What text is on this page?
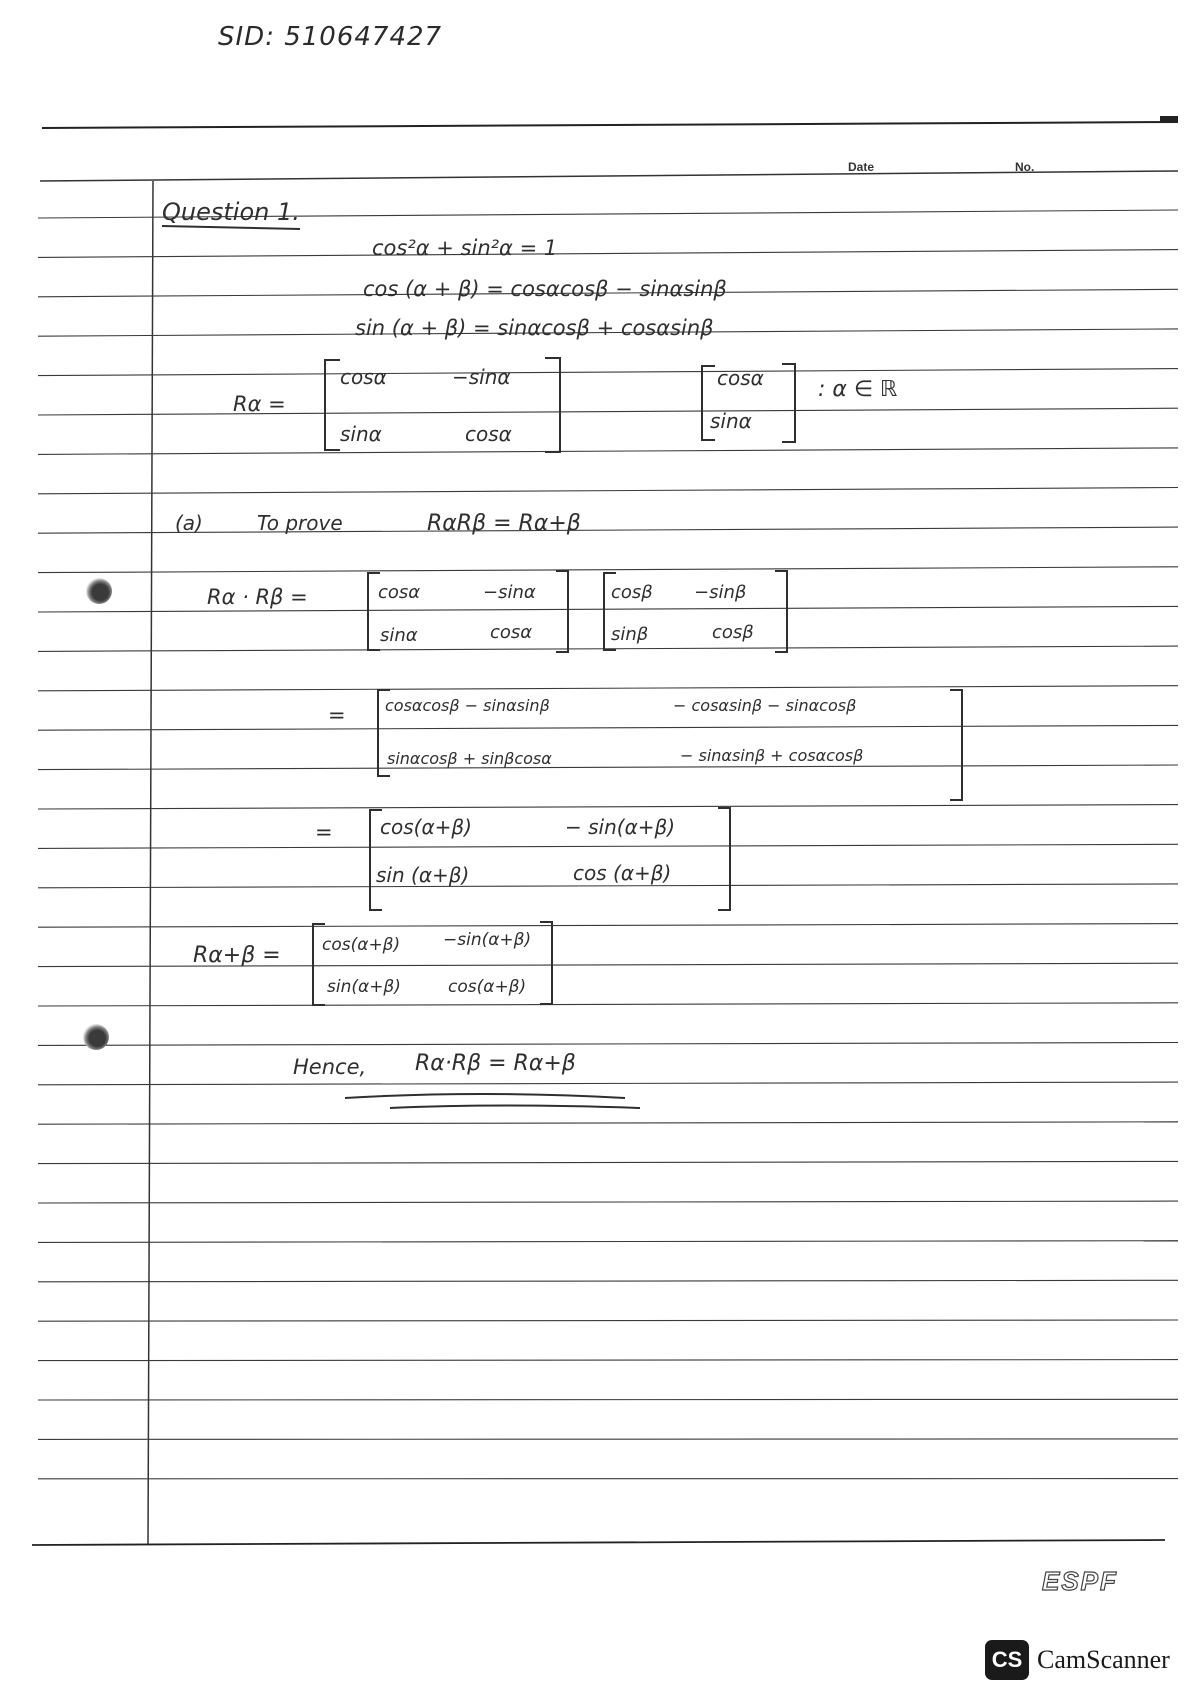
SID: 510647427
Date	No.
Question 1.
cos²α + sin²α = 1
cos (α + β) = cosαcosβ − sinαsinβ
sin (α + β) = sinαcosβ + cosαsinβ
Rα =
cosα	−sinα
sinα	cosα
cosα
sinα
: α ∈ ℝ
(a)	To prove	RαRβ = Rα+β
Rα · Rβ =	cosα	−sinα
sinα	cosα
cosβ −sinβ
sinβ	cosβ
= cosαcosβ − sinαsinβ	− cosαsinβ − sinαcosβ
sinαcosβ + sinβcosα	− sinαsinβ + cosαcosβ
= cos(α+β)	− sin(α+β)
sin (α+β)	cos (α+β)
Rα+β = cos(α+β)	−sin(α+β)
sin(α+β)	cos(α+β)
Hence, Rα·Rβ = Rα+β
ESPF
CS CamScanner
